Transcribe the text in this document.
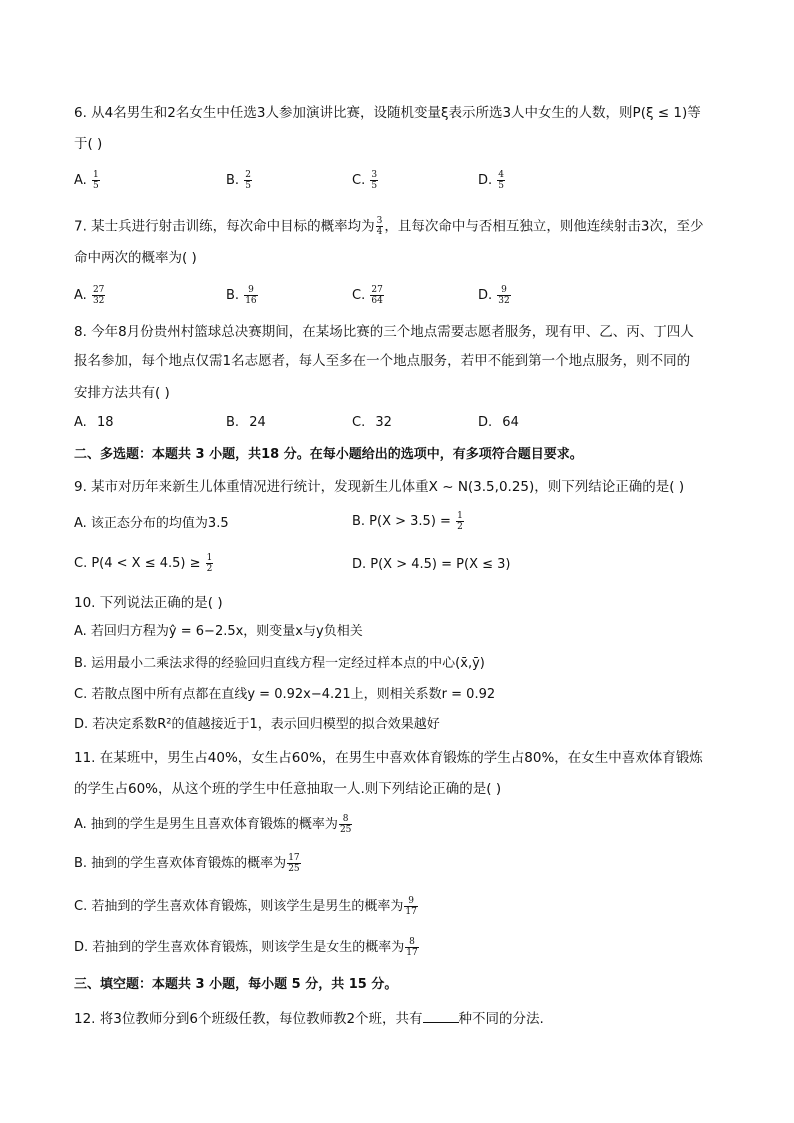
6. 从4名男生和2名女生中任选3人参加演讲比赛，设随机变量ξ表示所选3人中女生的人数，则P(ξ ≤ 1)等
于( )
A. $\frac{1}{5}$	B. $\frac{2}{5}$	C. $\frac{3}{5}$	D. $\frac{4}{5}$
7. 某士兵进行射击训练，每次命中目标的概率均为 $\frac{3}{4}$ ，且每次命中与否相互独立，则他连续射击3次，至少
命中两次的概率为( )
A. $\frac{27}{32}$	B. $\frac{9}{16}$	C. $\frac{27}{64}$	D. $\frac{9}{32}$
8. 今年8月份贵州村篮球总决赛期间，在某场比赛的三个地点需要志愿者服务，现有甲、乙、丙、丁四人
报名参加，每个地点仅需1名志愿者，每人至多在一个地点服务，若甲不能到第一个地点服务，则不同的
安排方法共有( )
A. 18	B. 24	C. 32	D. 64
二、多选题：本题共 3 小题，共18 分。在每小题给出的选项中，有多项符合题目要求。
9. 某市对历年来新生儿体重情况进行统计，发现新生儿体重X ~ N(3.5,0.25)，则下列结论正确的是( )
A. 该正态分布的均值为3.5	B. $P(X > 3.5) = \frac{1}{2}$
C. $P(4 < X \le 4.5) \ge \frac{1}{2}$	D. P(X > 4.5) = P(X ≤ 3)
10. 下列说法正确的是( )
A. 若回归方程为ŷ = 6−2.5x，则变量x与y负相关
B. 运用最小二乘法求得的经验回归直线方程一定经过样本点的中心(x̄,ȳ)
C. 若散点图中所有点都在直线y = 0.92x−4.21上，则相关系数r = 0.92
D. 若决定系数R²的值越接近于1，表示回归模型的拟合效果越好
11. 在某班中，男生占40%，女生占60%，在男生中喜欢体育锻炼的学生占80%，在女生中喜欢体育锻炼
的学生占60%，从这个班的学生中任意抽取一人.则下列结论正确的是( )
A. 抽到的学生是男生且喜欢体育锻炼的概率为 $\frac{8}{25}$
B. 抽到的学生喜欢体育锻炼的概率为 $\frac{17}{25}$
C. 若抽到的学生喜欢体育锻炼，则该学生是男生的概率为 $\frac{9}{17}$
D. 若抽到的学生喜欢体育锻炼，则该学生是女生的概率为 $\frac{8}{17}$
三、填空题：本题共 3 小题，每小题 5 分，共 15 分。
12. 将3位教师分到6个班级任教，每位教师教2个班，共有	种不同的分法.
